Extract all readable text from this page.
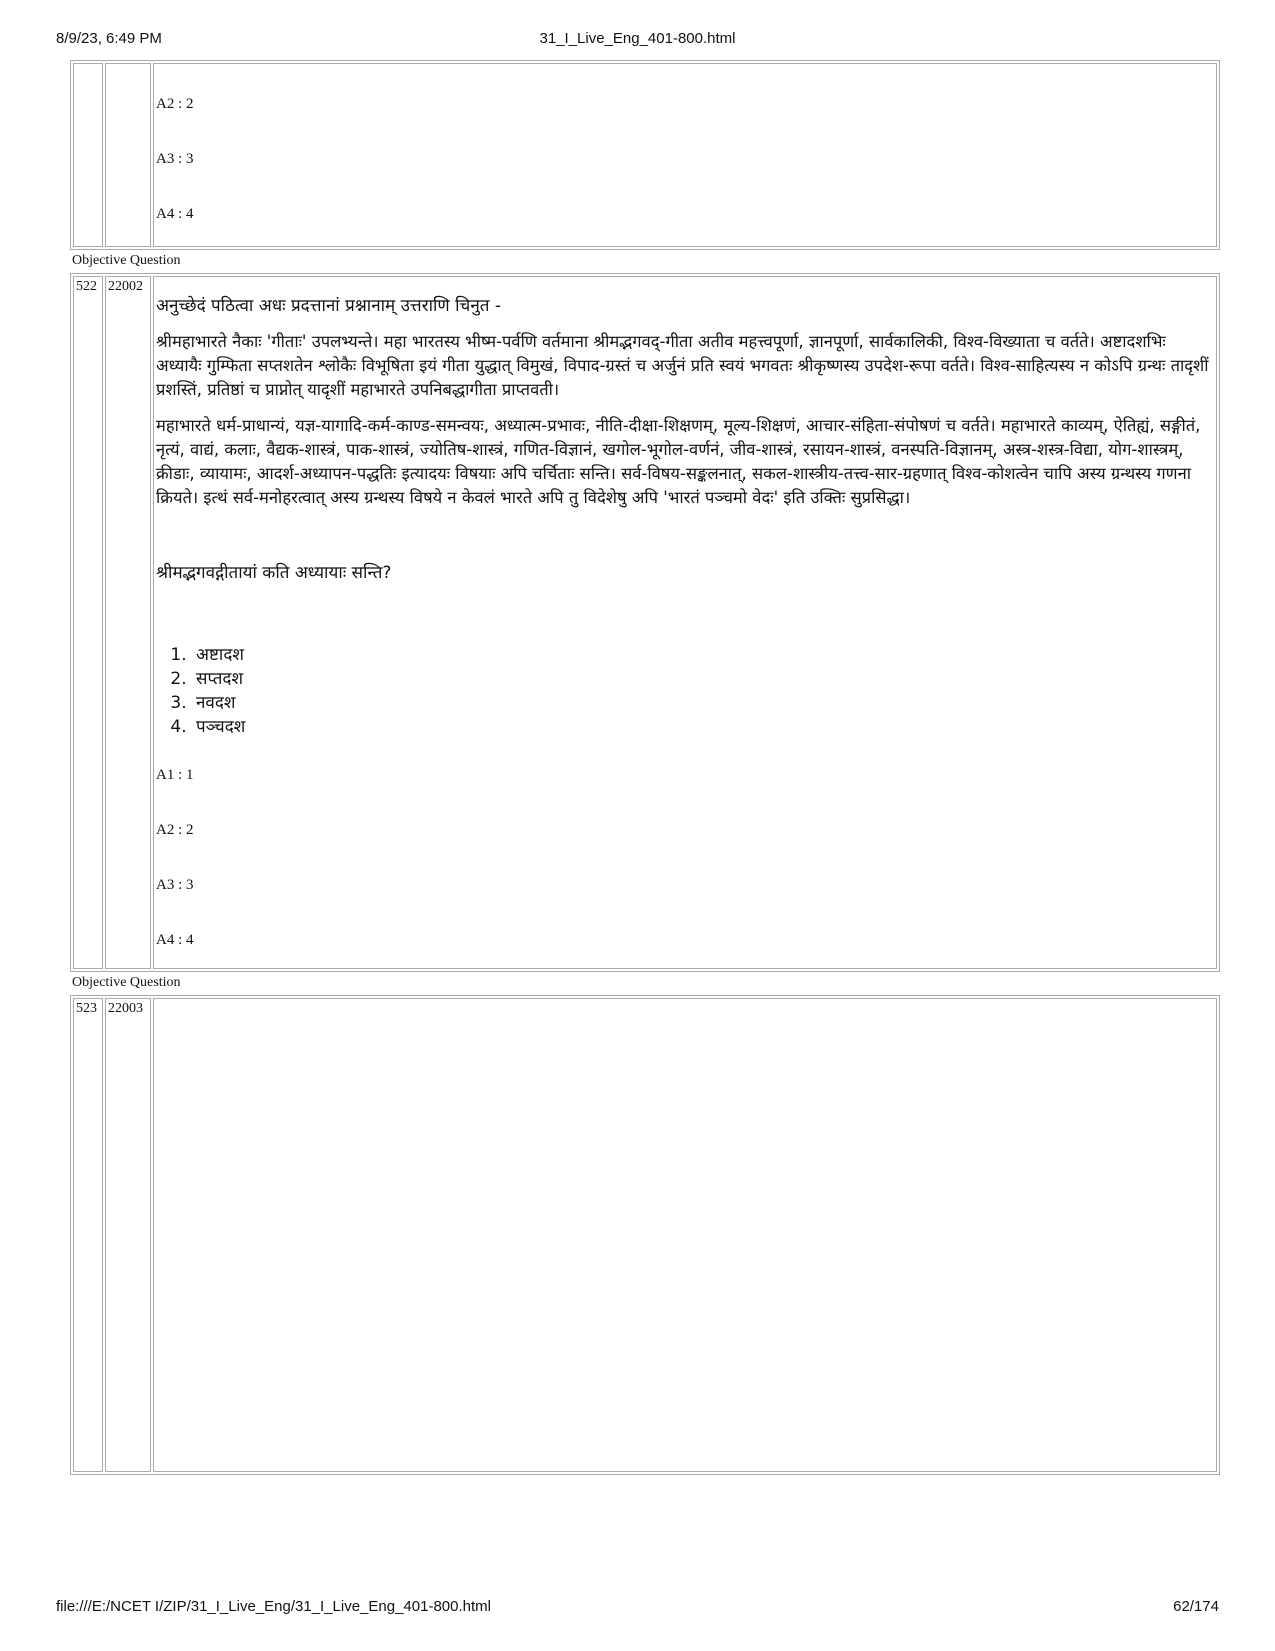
8/9/23, 6:49 PM	31_I_Live_Eng_401-800.html

A2 : 2

A3 : 3

A4 : 4

Objective Question
522	22002	

अनुच्छेदं पठित्वा अधः प्रदत्तानां प्रश्नानाम् उत्तराणि चिनुत -

श्रीमहाभारते नैकाः 'गीताः' उपलभ्यन्ते। महा भारतस्य भीष्म-पर्वणि वर्तमाना श्रीमद्भगवद्-गीता अतीव महत्त्वपूर्णा, ज्ञानपूर्णा, सार्वकालिकी, विश्व-विख्याता च वर्तते। अष्टादशभिः अध्यायैः गुम्फिता सप्तशतेन श्लोकैः विभूषिता इयं गीता युद्धात् विमुखं, विपाद-ग्रस्तं च अर्जुनं प्रति स्वयं भगवतः श्रीकृष्णस्य उपदेश-रूपा वर्तते। विश्व-साहित्यस्य न कोऽपि ग्रन्थः तादृशीं प्रशस्तिं, प्रतिष्ठां च प्राप्नोत् यादृशीं महाभारते उपनिबद्धागीता प्राप्तवती।

महाभारते धर्म-प्राधान्यं, यज्ञ-यागादि-कर्म-काण्ड-समन्वयः, अध्यात्म-प्रभावः, नीति-दीक्षा-शिक्षणम्, मूल्य-शिक्षणं, आचार-संहिता-संपोषणं च वर्तते। महाभारते काव्यम्, ऐतिह्यं, सङ्गीतं, नृत्यं, वाद्यं, कलाः, वैद्यक-शास्त्रं, पाक-शास्त्रं, ज्योतिष-शास्त्रं, गणित-विज्ञानं, खगोल-भूगोल-वर्णनं, जीव-शास्त्रं, रसायन-शास्त्रं, वनस्पति-विज्ञानम्, अस्त्र-शस्त्र-विद्या, योग-शास्त्रम्, क्रीडाः, व्यायामः, आदर्श-अध्यापन-पद्धतिः इत्यादयः विषयाः अपि चर्चिताः सन्ति। सर्व-विषय-सङ्कलनात्, सकल-शास्त्रीय-तत्त्व-सार-ग्रहणात् विश्व-कोशत्वेन चापि अस्य ग्रन्थस्य गणना क्रियते। इत्थं सर्व-मनोहरत्वात् अस्य ग्रन्थस्य विषये न केवलं भारते अपि तु विदेशेषु अपि 'भारतं पञ्चमो वेदः' इति उक्तिः सुप्रसिद्धा।

श्रीमद्भगवद्गीतायां कति अध्यायाः सन्ति?

1. अष्टादश
2. सप्तदश
3. नवदश
4. पञ्चदश

A1 : 1

A2 : 2

A3 : 3

A4 : 4

Objective Question
523	22003	
file:///E:/NCET I/ZIP/31_I_Live_Eng/31_I_Live_Eng_401-800.html	62/174
